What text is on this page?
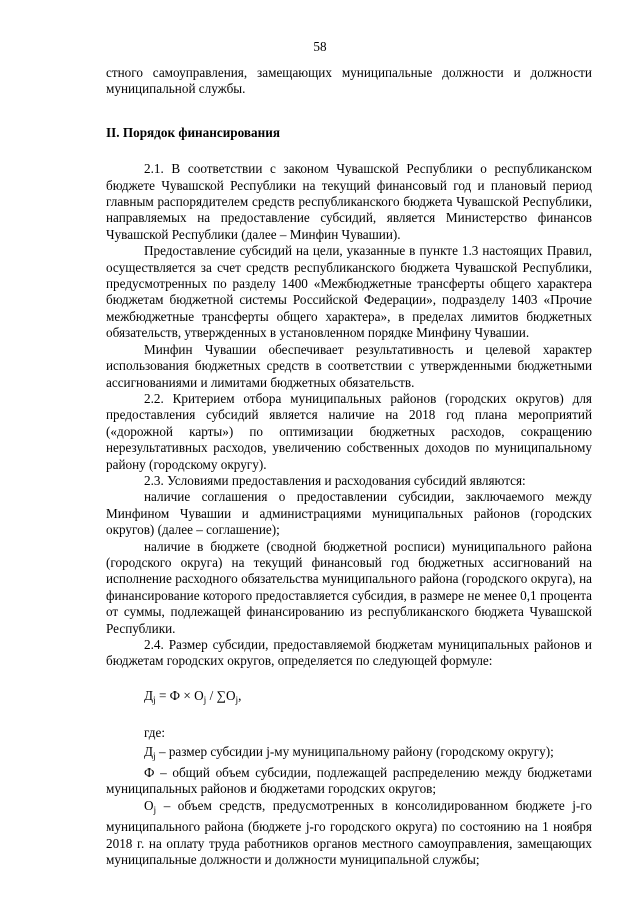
58

стного самоуправления, замещающих муниципальные должности и должности муниципальной службы.

II. Порядок финансирования

2.1. В соответствии с законом Чувашской Республики о республиканском бюджете Чувашской Республики на текущий финансовый год и плановый период главным распорядителем средств республиканского бюджета Чувашской Республики, направляемых на предоставление субсидий, является Министерство финансов Чувашской Республики (далее – Минфин Чувашии).

Предоставление субсидий на цели, указанные в пункте 1.3 настоящих Правил, осуществляется за счет средств республиканского бюджета Чувашской Республики, предусмотренных по разделу 1400 «Межбюджетные трансферты общего характера бюджетам бюджетной системы Российской Федерации», подразделу 1403 «Прочие межбюджетные трансферты общего характера», в пределах лимитов бюджетных обязательств, утвержденных в установленном порядке Минфину Чувашии.

Минфин Чувашии обеспечивает результативность и целевой характер использования бюджетных средств в соответствии с утвержденными бюджетными ассигнованиями и лимитами бюджетных обязательств.

2.2. Критерием отбора муниципальных районов (городских округов) для предоставления субсидий является наличие на 2018 год плана мероприятий («дорожной карты») по оптимизации бюджетных расходов, сокращению нерезультативных расходов, увеличению собственных доходов по муниципальному району (городскому округу).

2.3. Условиями предоставления и расходования субсидий являются:

наличие соглашения о предоставлении субсидии, заключаемого между Минфином Чувашии и администрациями муниципальных районов (городских округов) (далее – соглашение);

наличие в бюджете (сводной бюджетной росписи) муниципального района (городского округа) на текущий финансовый год бюджетных ассигнований на исполнение расходного обязательства муниципального района (городского округа), на финансирование которого предоставляется субсидия, в размере не менее 0,1 процента от суммы, подлежащей финансированию из республиканского бюджета Чувашской Республики.

2.4. Размер субсидии, предоставляемой бюджетам муниципальных районов и бюджетам городских округов, определяется по следующей формуле:

$Д_j = Ф \times О_j / \sum О_j$,

где:

$Д_j$ – размер субсидии j-му муниципальному району (городскому округу);

Ф – общий объем субсидии, подлежащей распределению между бюджетами муниципальных районов и бюджетами городских округов;

$О_j$ – объем средств, предусмотренных в консолидированном бюджете j-го муниципального района (бюджете j-го городского округа) по состоянию на 1 ноября 2018 г. на оплату труда работников органов местного самоуправления, замещающих муниципальные должности и должности муниципальной службы;
